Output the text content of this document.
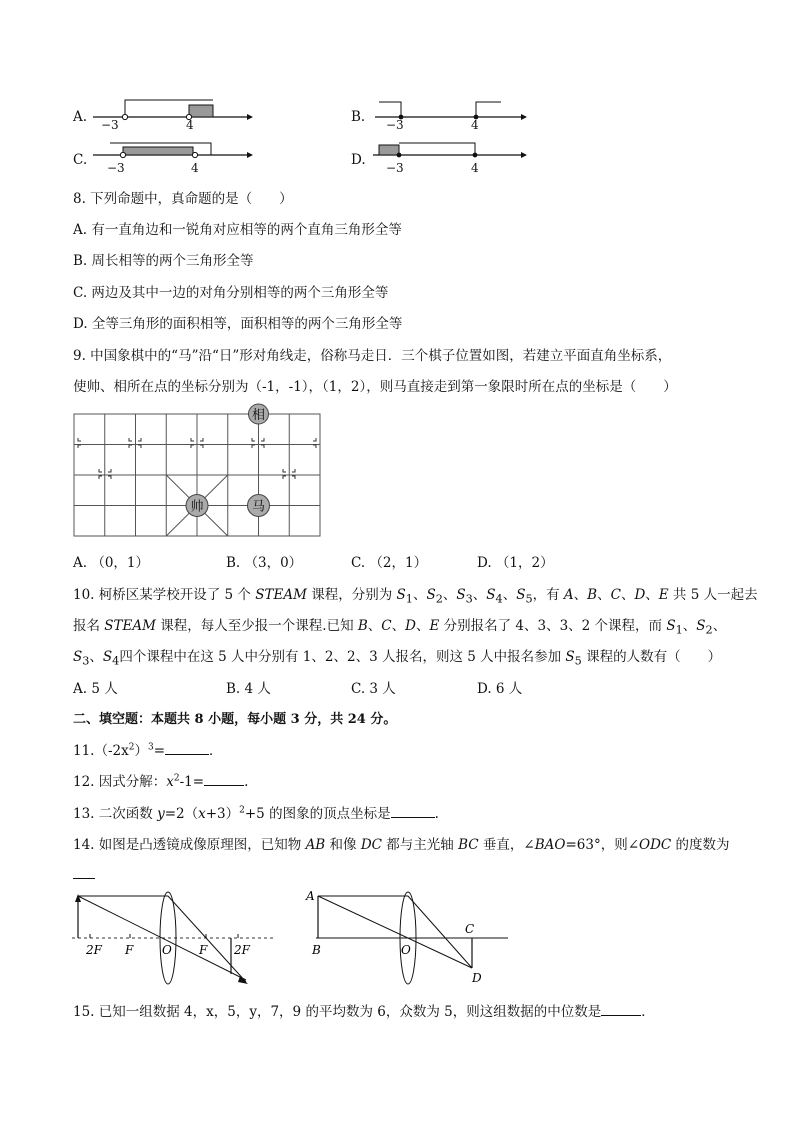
A. −3	4	B. −3	4
C. −3	4	D. −3	4
8. 下列命题中，真命题的是（　　）
A. 有一直角边和一锐角对应相等的两个直角三角形全等
B. 周长相等的两个三角形全等
C. 两边及其中一边的对角分别相等的两个三角形全等
D. 全等三角形的面积相等，面积相等的两个三角形全等
9. 中国象棋中的“马”沿“日”形对角线走，俗称马走日．三个棋子位置如图，若建立平面直角坐标系，
使帅、相所在点的坐标分别为（-1，-1），（1，2），则马直接走到第一象限时所在点的坐标是（　　）
相
帅	马
A. （0，1）	B. （3，0）	C. （2，1）	D. （1，2）
10. 柯桥区某学校开设了 5 个 STEAM 课程，分别为 $S_1$、$S_2$、$S_3$、$S_4$、$S_5$，有 A、B、C、D、E 共 5 人一起去
报名 STEAM 课程，每人至少报一个课程.已知 B、C、D、E 分别报名了 4、3、3、2 个课程，而 $S_1$、$S_2$、
$S_3$、$S_4$四个课程中在这 5 人中分别有 1、2、2、3 人报名，则这 5 人中报名参加 $S_5$ 课程的人数有（　　）
A. 5 人	B. 4 人	C. 3 人	D. 6 人
二、填空题：本题共 8 小题，每小题 3 分，共 24 分。
$11.(-2x^2)^3=$	．
12. 因式分解：$x^2-1=$	.
13. 二次函数 $y=2(x+3)^2+5$ 的图象的顶点坐标是	.
14. 如图是凸透镜成像原理图，已知物 AB 和像 DC 都与主光轴 BC 垂直，∠BAO=63°，则∠ODC 的度数为
2F F O F 2F
A
B	O
C
D
15. 已知一组数据 4，x，5，y，7，9 的平均数为 6，众数为 5，则这组数据的中位数是	．
